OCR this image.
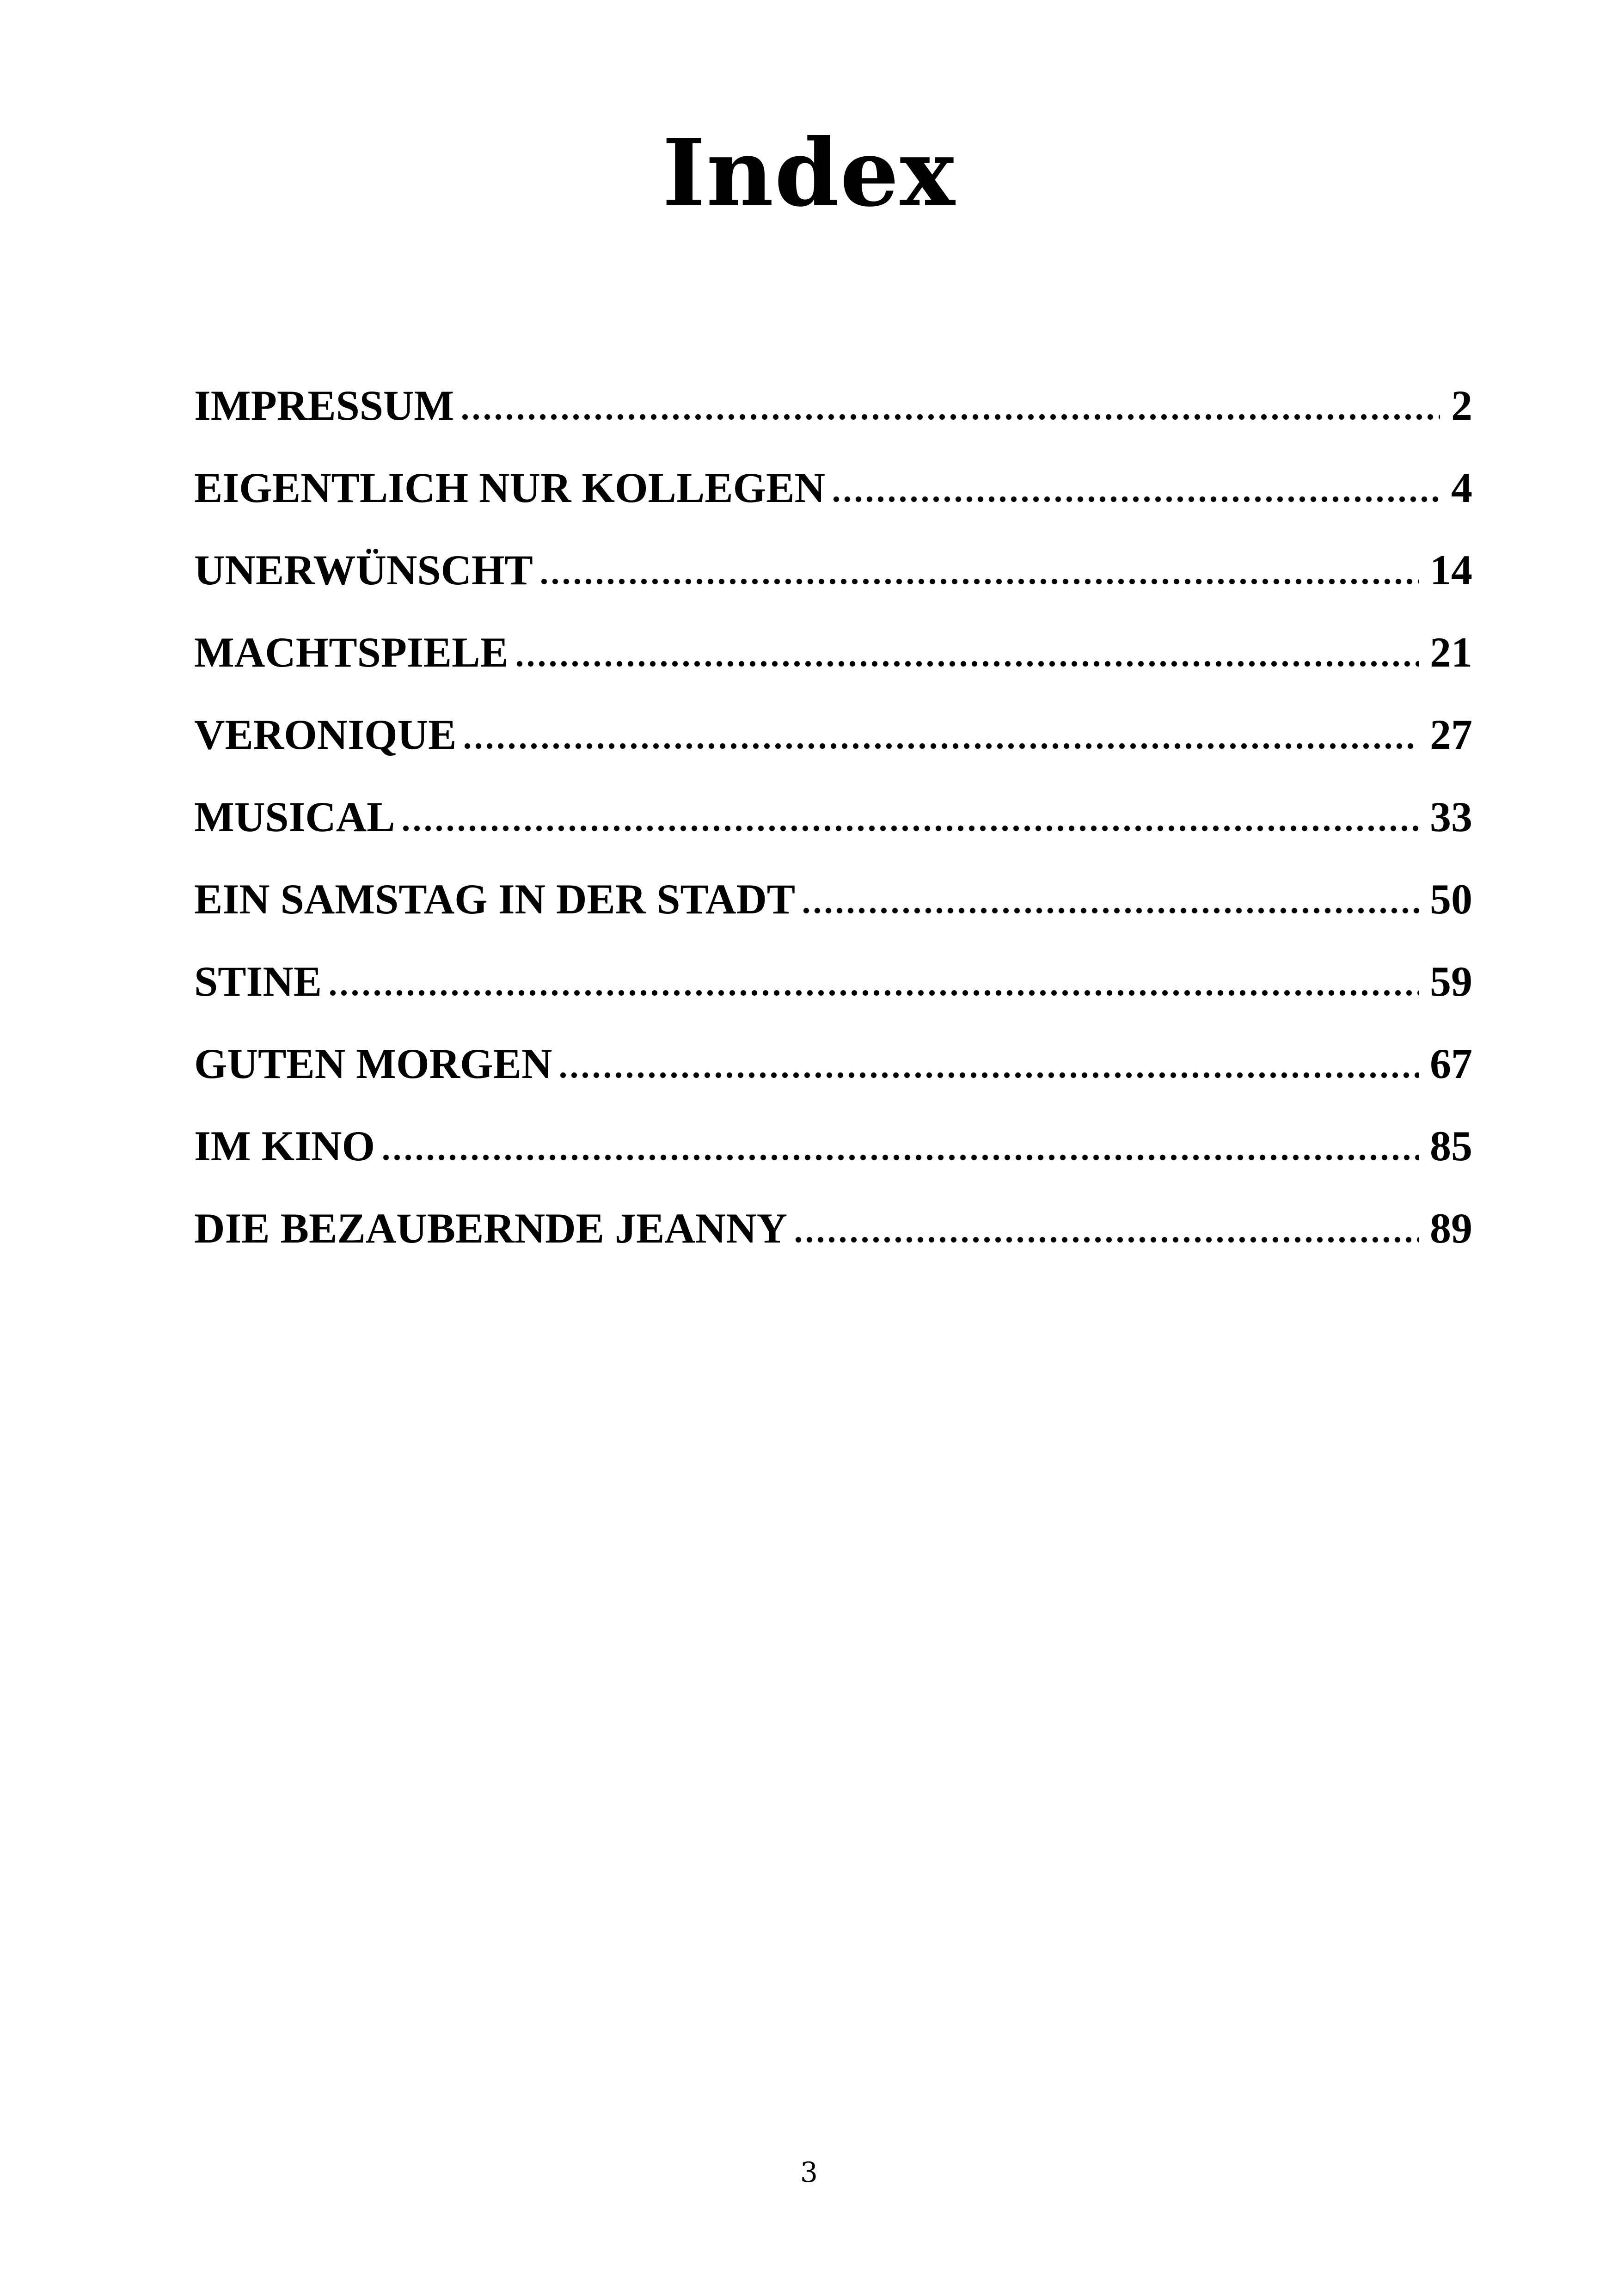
Index
IMPRESSUM	2
EIGENTLICH NUR KOLLEGEN	4
UNERWÜNSCHT	14
MACHTSPIELE	21
VERONIQUE	27
MUSICAL	33
EIN SAMSTAG IN DER STADT	50
STINE	59
GUTEN MORGEN	67
IM KINO	85
DIE BEZAUBERNDE JEANNY	89
3
